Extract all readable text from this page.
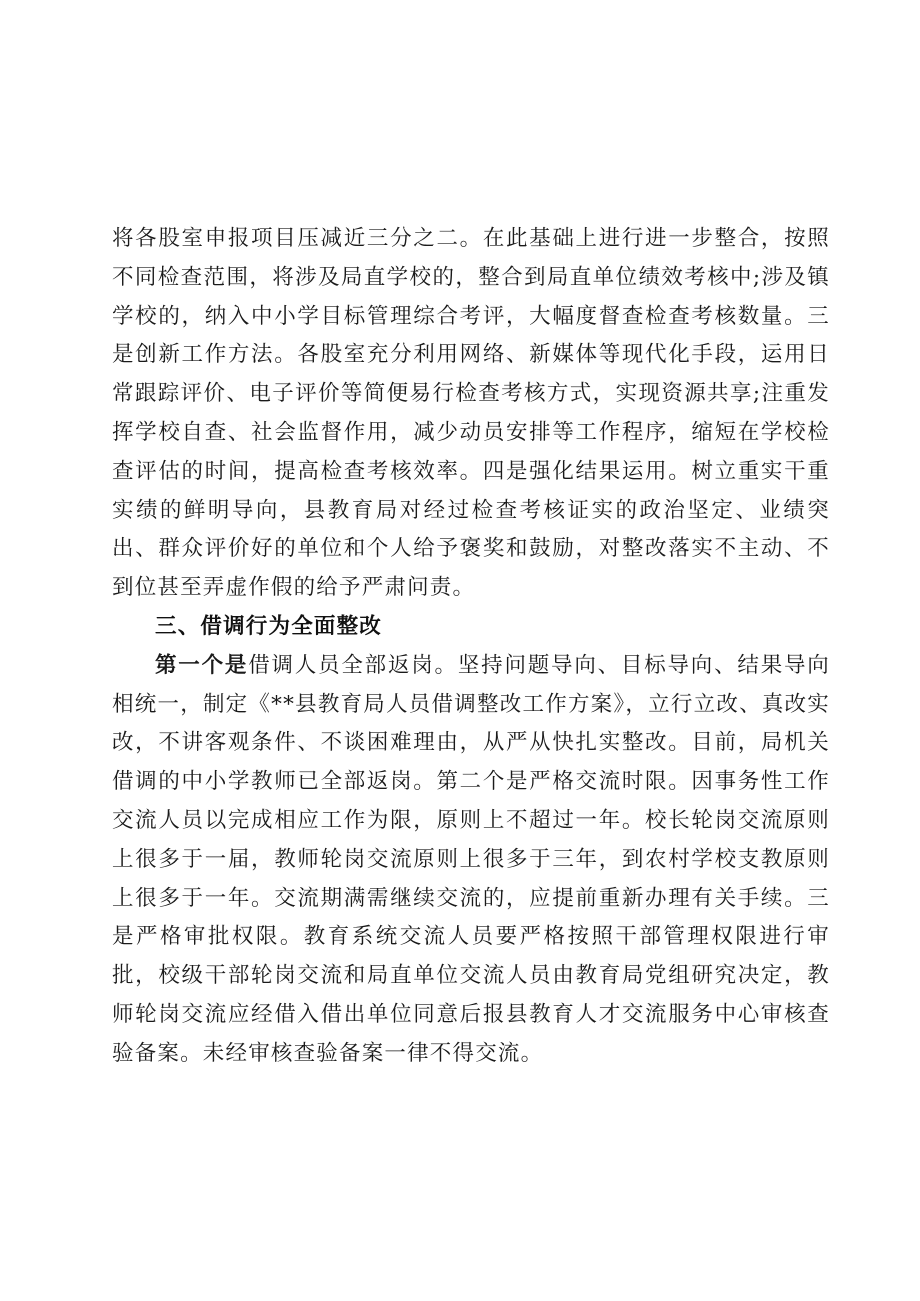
将各股室申报项目压减近三分之二。在此基础上进行进一步整合，按照不同检查范围，将涉及局直学校的，整合到局直单位绩效考核中;涉及镇学校的，纳入中小学目标管理综合考评，大幅度督查检查考核数量。三是创新工作方法。各股室充分利用网络、新媒体等现代化手段，运用日常跟踪评价、电子评价等简便易行检查考核方式，实现资源共享;注重发挥学校自查、社会监督作用，减少动员安排等工作程序，缩短在学校检查评估的时间，提高检查考核效率。四是强化结果运用。树立重实干重实绩的鲜明导向，县教育局对经过检查考核证实的政治坚定、业绩突出、群众评价好的单位和个人给予褒奖和鼓励，对整改落实不主动、不到位甚至弄虚作假的给予严肃问责。

三、借调行为全面整改

第一个是借调人员全部返岗。坚持问题导向、目标导向、结果导向相统一，制定《**县教育局人员借调整改工作方案》，立行立改、真改实改，不讲客观条件、不谈困难理由，从严从快扎实整改。目前，局机关借调的中小学教师已全部返岗。第二个是严格交流时限。因事务性工作交流人员以完成相应工作为限，原则上不超过一年。校长轮岗交流原则上很多于一届，教师轮岗交流原则上很多于三年，到农村学校支教原则上很多于一年。交流期满需继续交流的，应提前重新办理有关手续。三是严格审批权限。教育系统交流人员要严格按照干部管理权限进行审批，校级干部轮岗交流和局直单位交流人员由教育局党组研究决定，教师轮岗交流应经借入借出单位同意后报县教育人才交流服务中心审核查验备案。未经审核查验备案一律不得交流。
